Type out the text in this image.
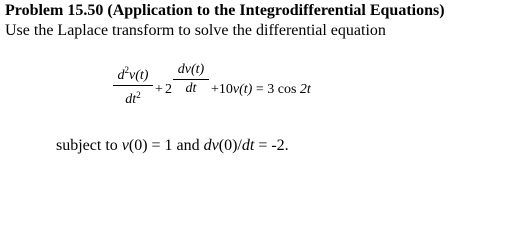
Problem 15.50 (Application to the Integrodifferential Equations)
Use the Laplace transform to solve the differential equation
$d^2v(t)$
$dt^2$	+ 2
dv(t)
dt	+10v(t) = 3 cos 2t
subject to v(0) = 1 and dv(0)/dt = -2.
